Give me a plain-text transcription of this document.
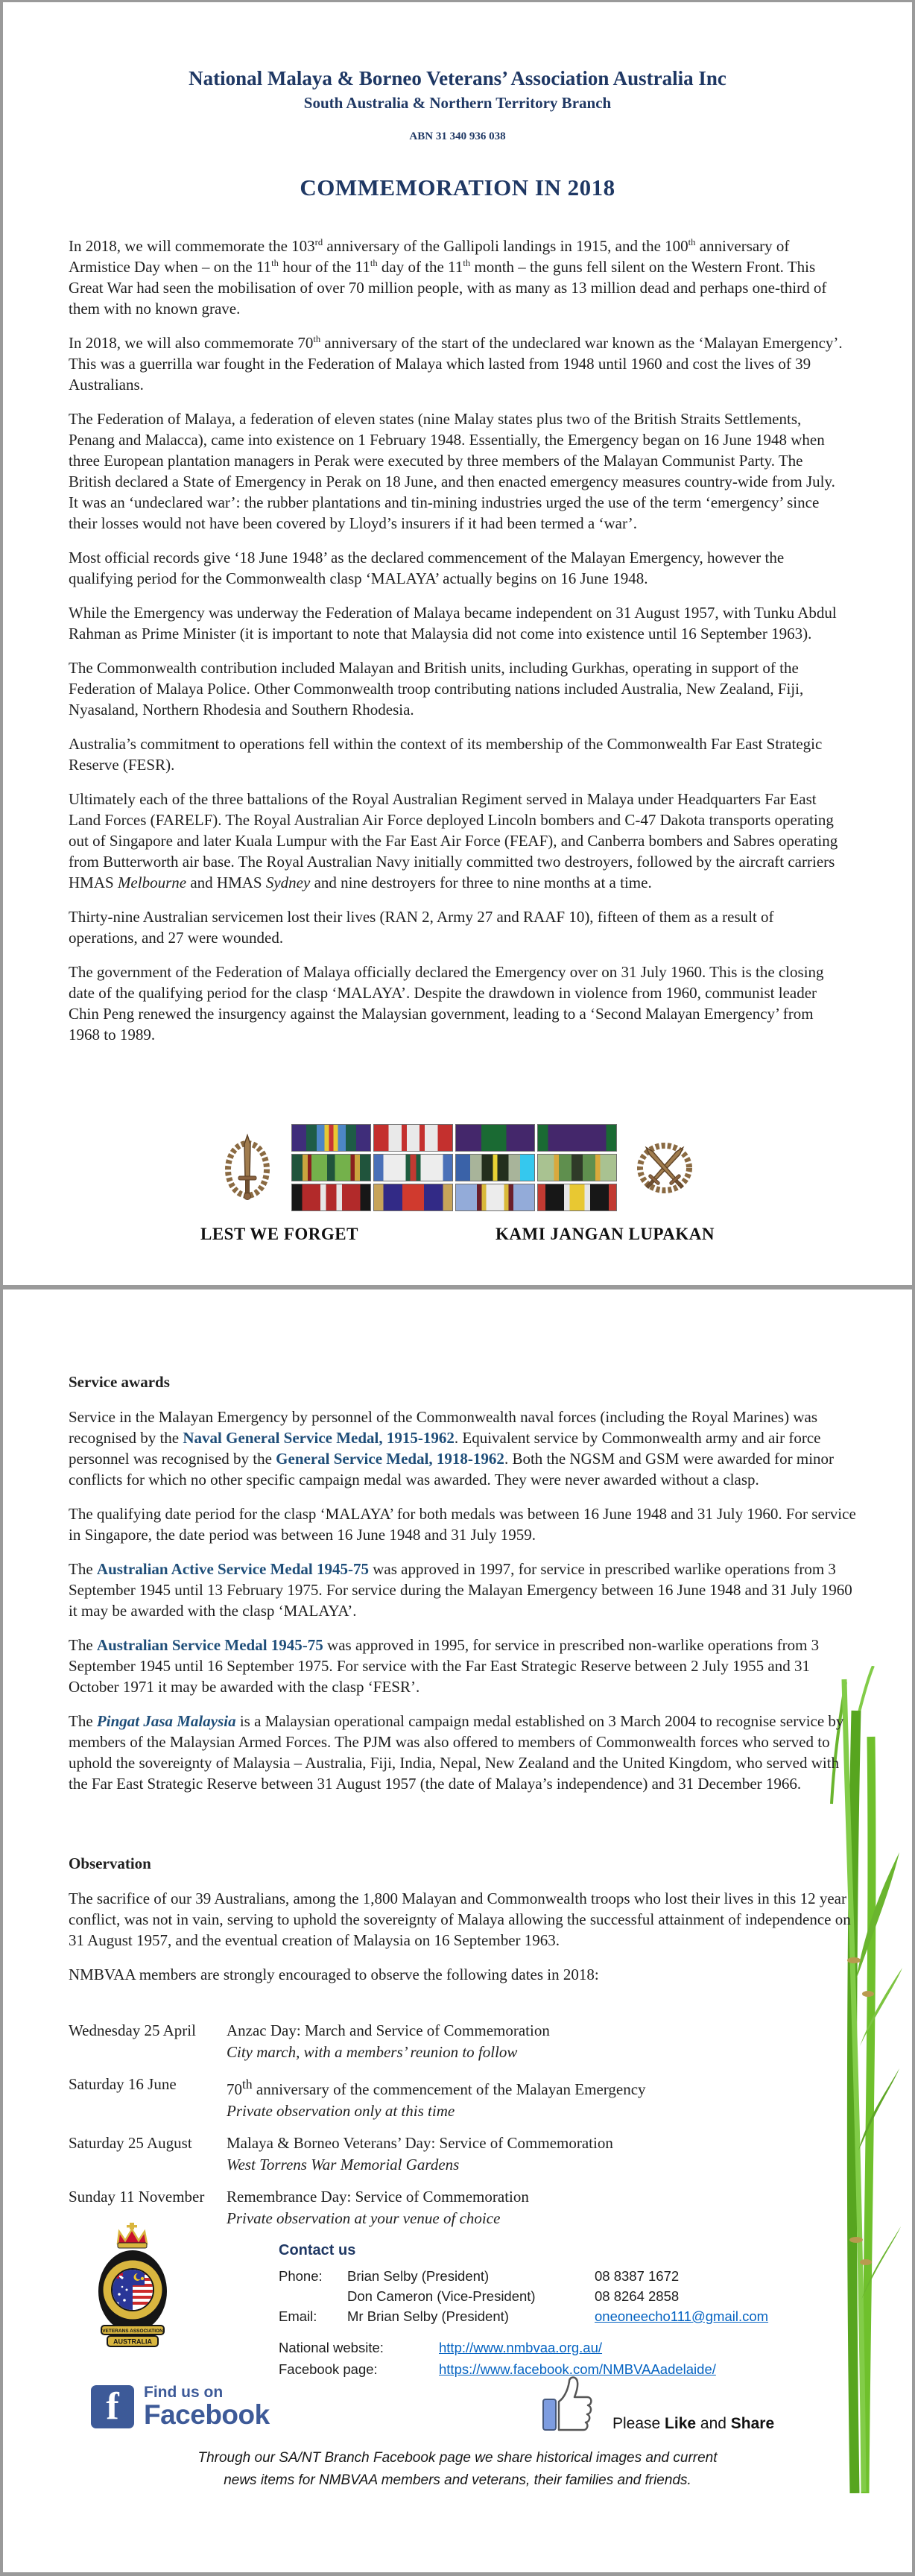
National Malaya & Borneo Veterans’ Association Australia Inc
South Australia & Northern Territory Branch
ABN 31 340 936 038
COMMEMORATION IN 2018

In 2018, we will commemorate the 103rd anniversary of the Gallipoli landings in 1915, and the 100th anniversary of Armistice Day when – on the 11th hour of the 11th day of the 11th month – the guns fell silent on the Western Front. This Great War had seen the mobilisation of over 70 million people, with as many as 13 million dead and perhaps one-third of them with no known grave.

In 2018, we will also commemorate 70th anniversary of the start of the undeclared war known as the ‘Malayan Emergency’. This was a guerrilla war fought in the Federation of Malaya which lasted from 1948 until 1960 and cost the lives of 39 Australians.

The Federation of Malaya, a federation of eleven states (nine Malay states plus two of the British Straits Settlements, Penang and Malacca), came into existence on 1 February 1948. Essentially, the Emergency began on 16 June 1948 when three European plantation managers in Perak were executed by three members of the Malayan Communist Party. The British declared a State of Emergency in Perak on 18 June, and then enacted emergency measures country-wide from July. It was an ‘undeclared war’: the rubber plantations and tin-mining industries urged the use of the term ‘emergency’ since their losses would not have been covered by Lloyd’s insurers if it had been termed a ‘war’.

Most official records give ‘18 June 1948’ as the declared commencement of the Malayan Emergency, however the qualifying period for the Commonwealth clasp ‘MALAYA’ actually begins on 16 June 1948.

While the Emergency was underway the Federation of Malaya became independent on 31 August 1957, with Tunku Abdul Rahman as Prime Minister (it is important to note that Malaysia did not come into existence until 16 September 1963).

The Commonwealth contribution included Malayan and British units, including Gurkhas, operating in support of the Federation of Malaya Police. Other Commonwealth troop contributing nations included Australia, New Zealand, Fiji, Nyasaland, Northern Rhodesia and Southern Rhodesia.

Australia’s commitment to operations fell within the context of its membership of the Commonwealth Far East Strategic Reserve (FESR).

Ultimately each of the three battalions of the Royal Australian Regiment served in Malaya under Headquarters Far East Land Forces (FARELF). The Royal Australian Air Force deployed Lincoln bombers and C-47 Dakota transports operating out of Singapore and later Kuala Lumpur with the Far East Air Force (FEAF), and Canberra bombers and Sabres operating from Butterworth air base. The Royal Australian Navy initially committed two destroyers, followed by the aircraft carriers HMAS Melbourne and HMAS Sydney and nine destroyers for three to nine months at a time.

Thirty-nine Australian servicemen lost their lives (RAN 2, Army 27 and RAAF 10), fifteen of them as a result of operations, and 27 were wounded.

The government of the Federation of Malaya officially declared the Emergency over on 31 July 1960. This is the closing date of the qualifying period for the clasp ‘MALAYA’. Despite the drawdown in violence from 1960, communist leader Chin Peng renewed the insurgency against the Malaysian government, leading to a ‘Second Malayan Emergency’ from 1968 to 1989.

LEST WE FORGET	KAMI JANGAN LUPAKAN
Service awards

Service in the Malayan Emergency by personnel of the Commonwealth naval forces (including the Royal Marines) was recognised by the Naval General Service Medal, 1915-1962. Equivalent service by Commonwealth army and air force personnel was recognised by the General Service Medal, 1918-1962. Both the NGSM and GSM were awarded for minor conflicts for which no other specific campaign medal was awarded. They were never awarded without a clasp.

The qualifying date period for the clasp ‘MALAYA’ for both medals was between 16 June 1948 and 31 July 1960. For service in Singapore, the date period was between 16 June 1948 and 31 July 1959.

The Australian Active Service Medal 1945-75 was approved in 1997, for service in prescribed warlike operations from 3 September 1945 until 13 February 1975. For service during the Malayan Emergency between 16 June 1948 and 31 July 1960 it may be awarded with the clasp ‘MALAYA’.

The Australian Service Medal 1945-75 was approved in 1995, for service in prescribed non-warlike operations from 3 September 1945 until 16 September 1975. For service with the Far East Strategic Reserve between 2 July 1955 and 31 October 1971 it may be awarded with the clasp ‘FESR’.

The Pingat Jasa Malaysia is a Malaysian operational campaign medal established on 3 March 2004 to recognise service by members of the Malaysian Armed Forces. The PJM was also offered to members of Commonwealth forces who served to uphold the sovereignty of Malaysia – Australia, Fiji, India, Nepal, New Zealand and the United Kingdom, who served with the Far East Strategic Reserve between 31 August 1957 (the date of Malaya’s independence) and 31 December 1966.

Observation

The sacrifice of our 39 Australians, among the 1,800 Malayan and Commonwealth troops who lost their lives in this 12 year conflict, was not in vain, serving to uphold the sovereignty of Malaya allowing the successful attainment of independence on 31 August 1957, and the eventual creation of Malaysia on 16 September 1963.

NMBVAA members are strongly encouraged to observe the following dates in 2018:

Wednesday 25 April	Anzac Day: March and Service of Commemoration
City march, with a members’ reunion to follow
Saturday 16 June	70th anniversary of the commencement of the Malayan Emergency
Private observation only at this time
Saturday 25 August	Malaya & Borneo Veterans’ Day: Service of Commemoration
West Torrens War Memorial Gardens
Sunday 11 November	Remembrance Day: Service of Commemoration
Private observation at your venue of choice
VETERANS ASSOCIATION
AUSTRALIA
Contact us
Phone:	Brian Selby (President)	08 8387 1672
Don Cameron (Vice-President)	08 8264 2858
Email:	Mr Brian Selby (President)	oneoneecho111@gmail.com
National website:	http://www.nmbvaa.org.au/
Facebook page:	https://www.facebook.com/NMBVAAadelaide/
f	Find us on
Facebook	Please Like and Share
Through our SA/NT Branch Facebook page we share historical images and current
news items for NMBVAA members and veterans, their families and friends.
